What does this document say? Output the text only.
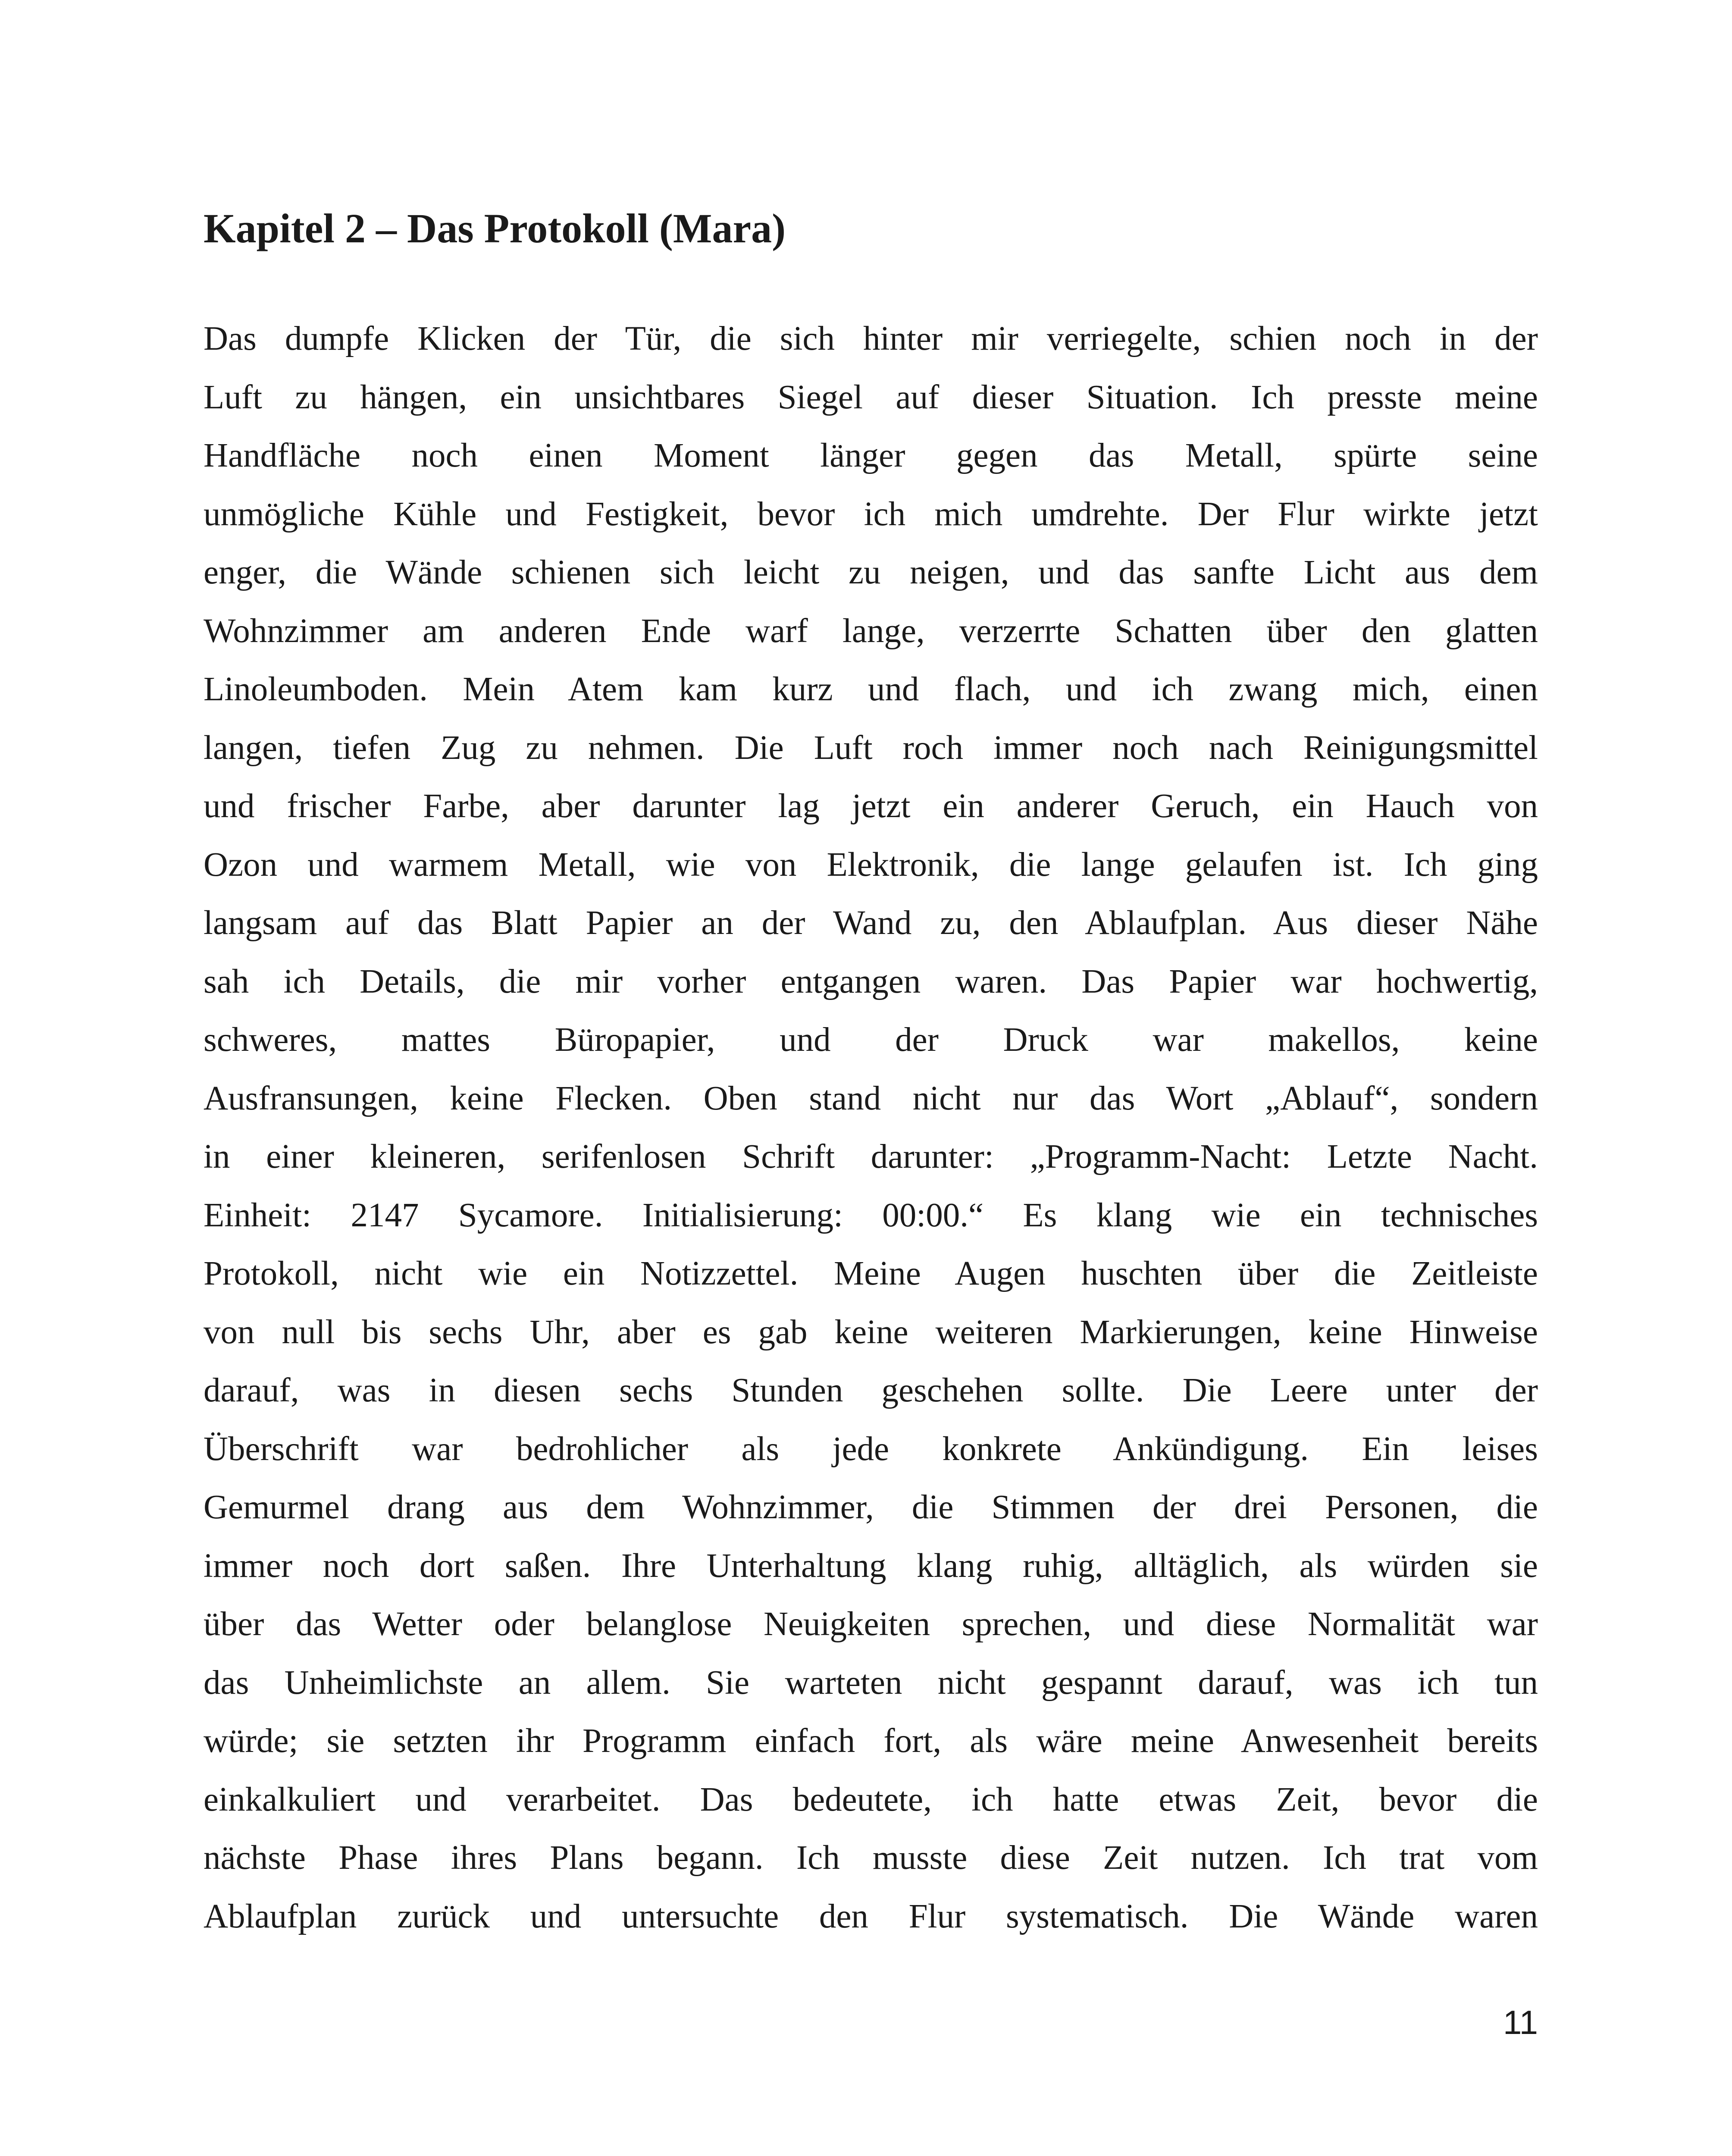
Kapitel 2 – Das Protokoll (Mara)
Das dumpfe Klicken der Tür, die sich hinter mir verriegelte, schien noch in der
Luft zu hängen, ein unsichtbares Siegel auf dieser Situation. Ich presste meine
Handfläche noch einen Moment länger gegen das Metall, spürte seine
unmögliche Kühle und Festigkeit, bevor ich mich umdrehte. Der Flur wirkte jetzt
enger, die Wände schienen sich leicht zu neigen, und das sanfte Licht aus dem
Wohnzimmer am anderen Ende warf lange, verzerrte Schatten über den glatten
Linoleumboden. Mein Atem kam kurz und flach, und ich zwang mich, einen
langen, tiefen Zug zu nehmen. Die Luft roch immer noch nach Reinigungsmittel
und frischer Farbe, aber darunter lag jetzt ein anderer Geruch, ein Hauch von
Ozon und warmem Metall, wie von Elektronik, die lange gelaufen ist. Ich ging
langsam auf das Blatt Papier an der Wand zu, den Ablaufplan. Aus dieser Nähe
sah ich Details, die mir vorher entgangen waren. Das Papier war hochwertig,
schweres, mattes Büropapier, und der Druck war makellos, keine
Ausfransungen, keine Flecken. Oben stand nicht nur das Wort „Ablauf“, sondern
in einer kleineren, serifenlosen Schrift darunter: „Programm-Nacht: Letzte Nacht.
Einheit: 2147 Sycamore. Initialisierung: 00:00.“ Es klang wie ein technisches
Protokoll, nicht wie ein Notizzettel. Meine Augen huschten über die Zeitleiste
von null bis sechs Uhr, aber es gab keine weiteren Markierungen, keine Hinweise
darauf, was in diesen sechs Stunden geschehen sollte. Die Leere unter der
Überschrift war bedrohlicher als jede konkrete Ankündigung. Ein leises
Gemurmel drang aus dem Wohnzimmer, die Stimmen der drei Personen, die
immer noch dort saßen. Ihre Unterhaltung klang ruhig, alltäglich, als würden sie
über das Wetter oder belanglose Neuigkeiten sprechen, und diese Normalität war
das Unheimlichste an allem. Sie warteten nicht gespannt darauf, was ich tun
würde; sie setzten ihr Programm einfach fort, als wäre meine Anwesenheit bereits
einkalkuliert und verarbeitet. Das bedeutete, ich hatte etwas Zeit, bevor die
nächste Phase ihres Plans begann. Ich musste diese Zeit nutzen. Ich trat vom
Ablaufplan zurück und untersuchte den Flur systematisch. Die Wände waren

11
